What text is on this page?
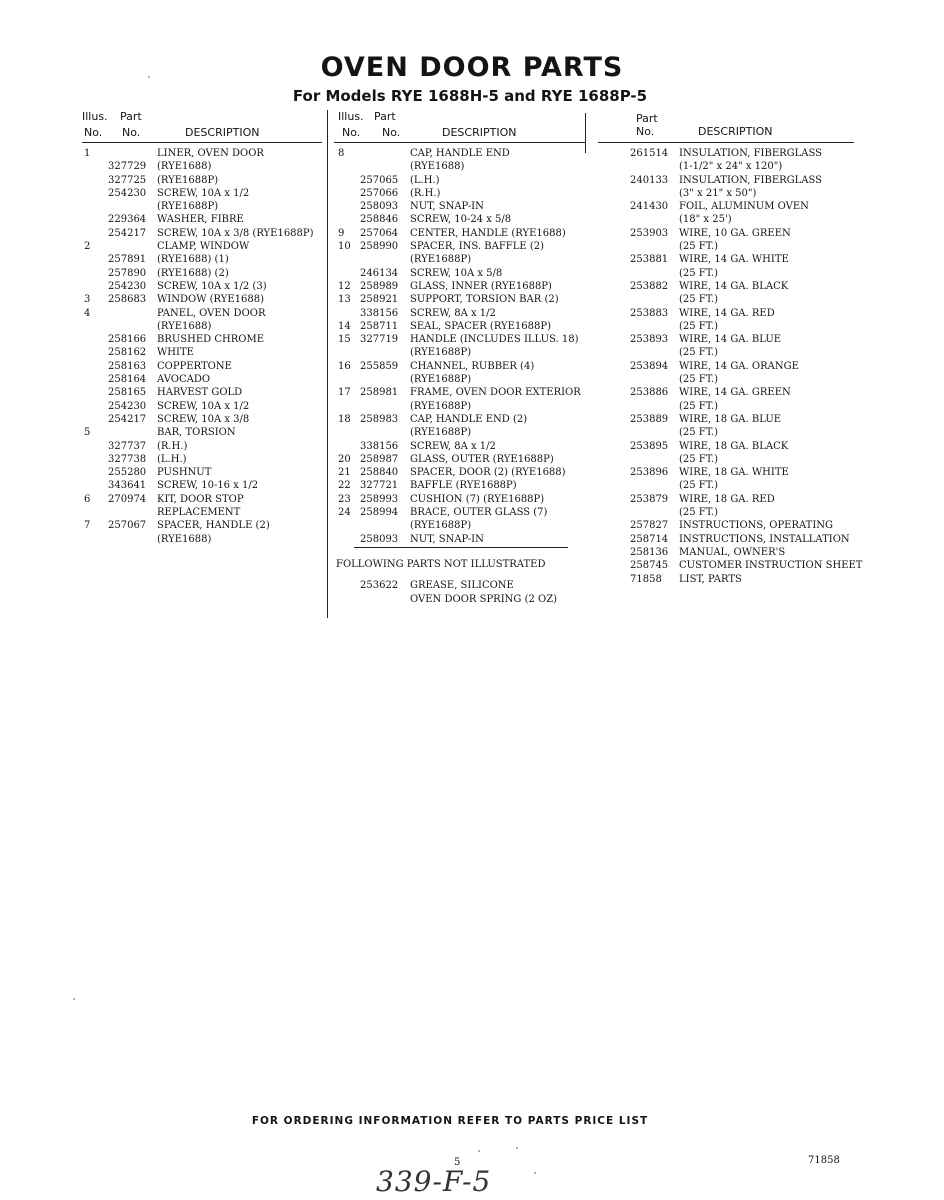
OVEN DOOR PARTS
For Models RYE 1688H-5 and RYE 1688P-5
Illus. Part
No. No.	DESCRIPTION
1	LINER, OVEN DOOR
327729 (RYE1688)
327725 (RYE1688P)
254230 SCREW, 10A x 1/2
(RYE1688P)
229364 WASHER, FIBRE
254217 SCREW, 10A x 3/8 (RYE1688P)
2	CLAMP, WINDOW
257891 (RYE1688) (1)
257890 (RYE1688) (2)
254230 SCREW, 10A x 1/2 (3)
3 258683 WINDOW (RYE1688)
4	PANEL, OVEN DOOR
(RYE1688)
258166 BRUSHED CHROME
258162 WHITE
258163 COPPERTONE
258164 AVOCADO
258165 HARVEST GOLD
254230 SCREW, 10A x 1/2
254217 SCREW, 10A x 3/8
5	BAR, TORSION
327737 (R.H.)
327738 (L.H.)
255280 PUSHNUT
343641 SCREW, 10-16 x 1/2
6 270974 KIT, DOOR STOP
REPLACEMENT
7 257067 SPACER, HANDLE (2)
(RYE1688)
Illus. Part
No. No.	DESCRIPTION
8	CAP, HANDLE END
(RYE1688)
257065 (L.H.)
257066 (R.H.)
258093 NUT, SNAP-IN
258846 SCREW, 10-24 x 5/8
9 257064 CENTER, HANDLE (RYE1688)
10 258990 SPACER, INS. BAFFLE (2)
(RYE1688P)
246134 SCREW, 10A x 5/8
12 258989 GLASS, INNER (RYE1688P)
13 258921 SUPPORT, TORSION BAR (2)
338156 SCREW, 8A x 1/2
14 258711 SEAL, SPACER (RYE1688P)
15 327719 HANDLE (INCLUDES ILLUS. 18)
(RYE1688P)
16 255859 CHANNEL, RUBBER (4)
(RYE1688P)
17 258981 FRAME, OVEN DOOR EXTERIOR
(RYE1688P)
18 258983 CAP, HANDLE END (2)
(RYE1688P)
338156 SCREW, 8A x 1/2
20 258987 GLASS, OUTER (RYE1688P)
21 258840 SPACER, DOOR (2) (RYE1688)
22 327721 BAFFLE (RYE1688P)
23 258993 CUSHION (7) (RYE1688P)
24 258994 BRACE, OUTER GLASS (7)
(RYE1688P)
258093 NUT, SNAP-IN
FOLLOWING PARTS NOT ILLUSTRATED
253622 GREASE, SILICONE
OVEN DOOR SPRING (2 OZ)
Part
No.	DESCRIPTION
261514 INSULATION, FIBERGLASS
(1-1/2" x 24" x 120")
240133 INSULATION, FIBERGLASS
(3" x 21" x 50")
241430 FOIL, ALUMINUM OVEN
(18" x 25')
253903 WIRE, 10 GA. GREEN
(25 FT.)
253881 WIRE, 14 GA. WHITE
(25 FT.)
253882 WIRE, 14 GA. BLACK
(25 FT.)
253883 WIRE, 14 GA. RED
(25 FT.)
253893 WIRE, 14 GA. BLUE
(25 FT.)
253894 WIRE, 14 GA. ORANGE
(25 FT.)
253886 WIRE, 14 GA. GREEN
(25 FT.)
253889 WIRE, 18 GA. BLUE
(25 FT.)
253895 WIRE, 18 GA. BLACK
(25 FT.)
253896 WIRE, 18 GA. WHITE
(25 FT.)
253879 WIRE, 18 GA. RED
(25 FT.)
257827 INSTRUCTIONS, OPERATING
258714 INSTRUCTIONS, INSTALLATION
258136 MANUAL, OWNER'S
258745 CUSTOMER INSTRUCTION SHEET
71858 LIST, PARTS

FOR ORDERING INFORMATION REFER TO PARTS PRICE LIST

5	71858
339-F-5
